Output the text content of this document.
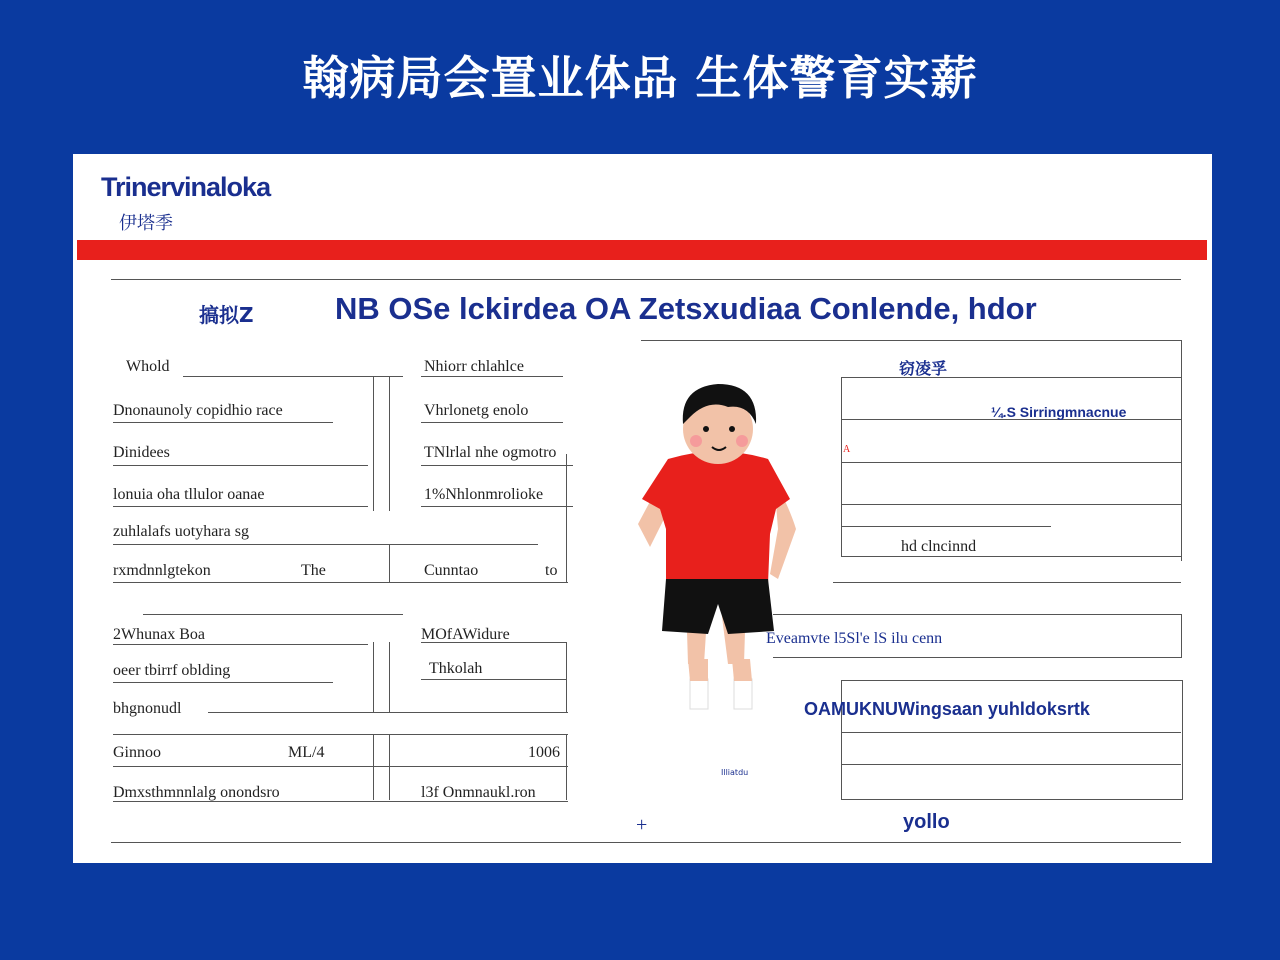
翰病局会置业体品 生体警育实薪
Trinervinaloka
伊塔季
搞拟Z	NB OSe lckirdea OA Zetsxudiaa Conlende, hdor
Whold	Nhiorr chlahlce
Dnonaunoly copidhio race	Vhrlonetg enolo
Dinidees	TNlrlal nhe ogmotro
lonuia oha tllulor oanae	1%Nhlonmrolioke
zuhlalafs uotyhara sg
rxmdnnlgtekon	The	Cunntao	to
2Whunax Boa	MOfAWidure
oeer tbirrf oblding	Thkolah
bhgnonudl
Ginnoo	ML/4	1006
Dmxsthmnnlalg onondsro	l3f Onmnaukl.ron
窃凌孚
¼.S Sirringmnacnue
A
hd clncinnd
Eveamvte l5Sl'e lS ilu cenn
OAMUKNUWingsaan yuhldoksrtk
Illiatdu
yollo
+
